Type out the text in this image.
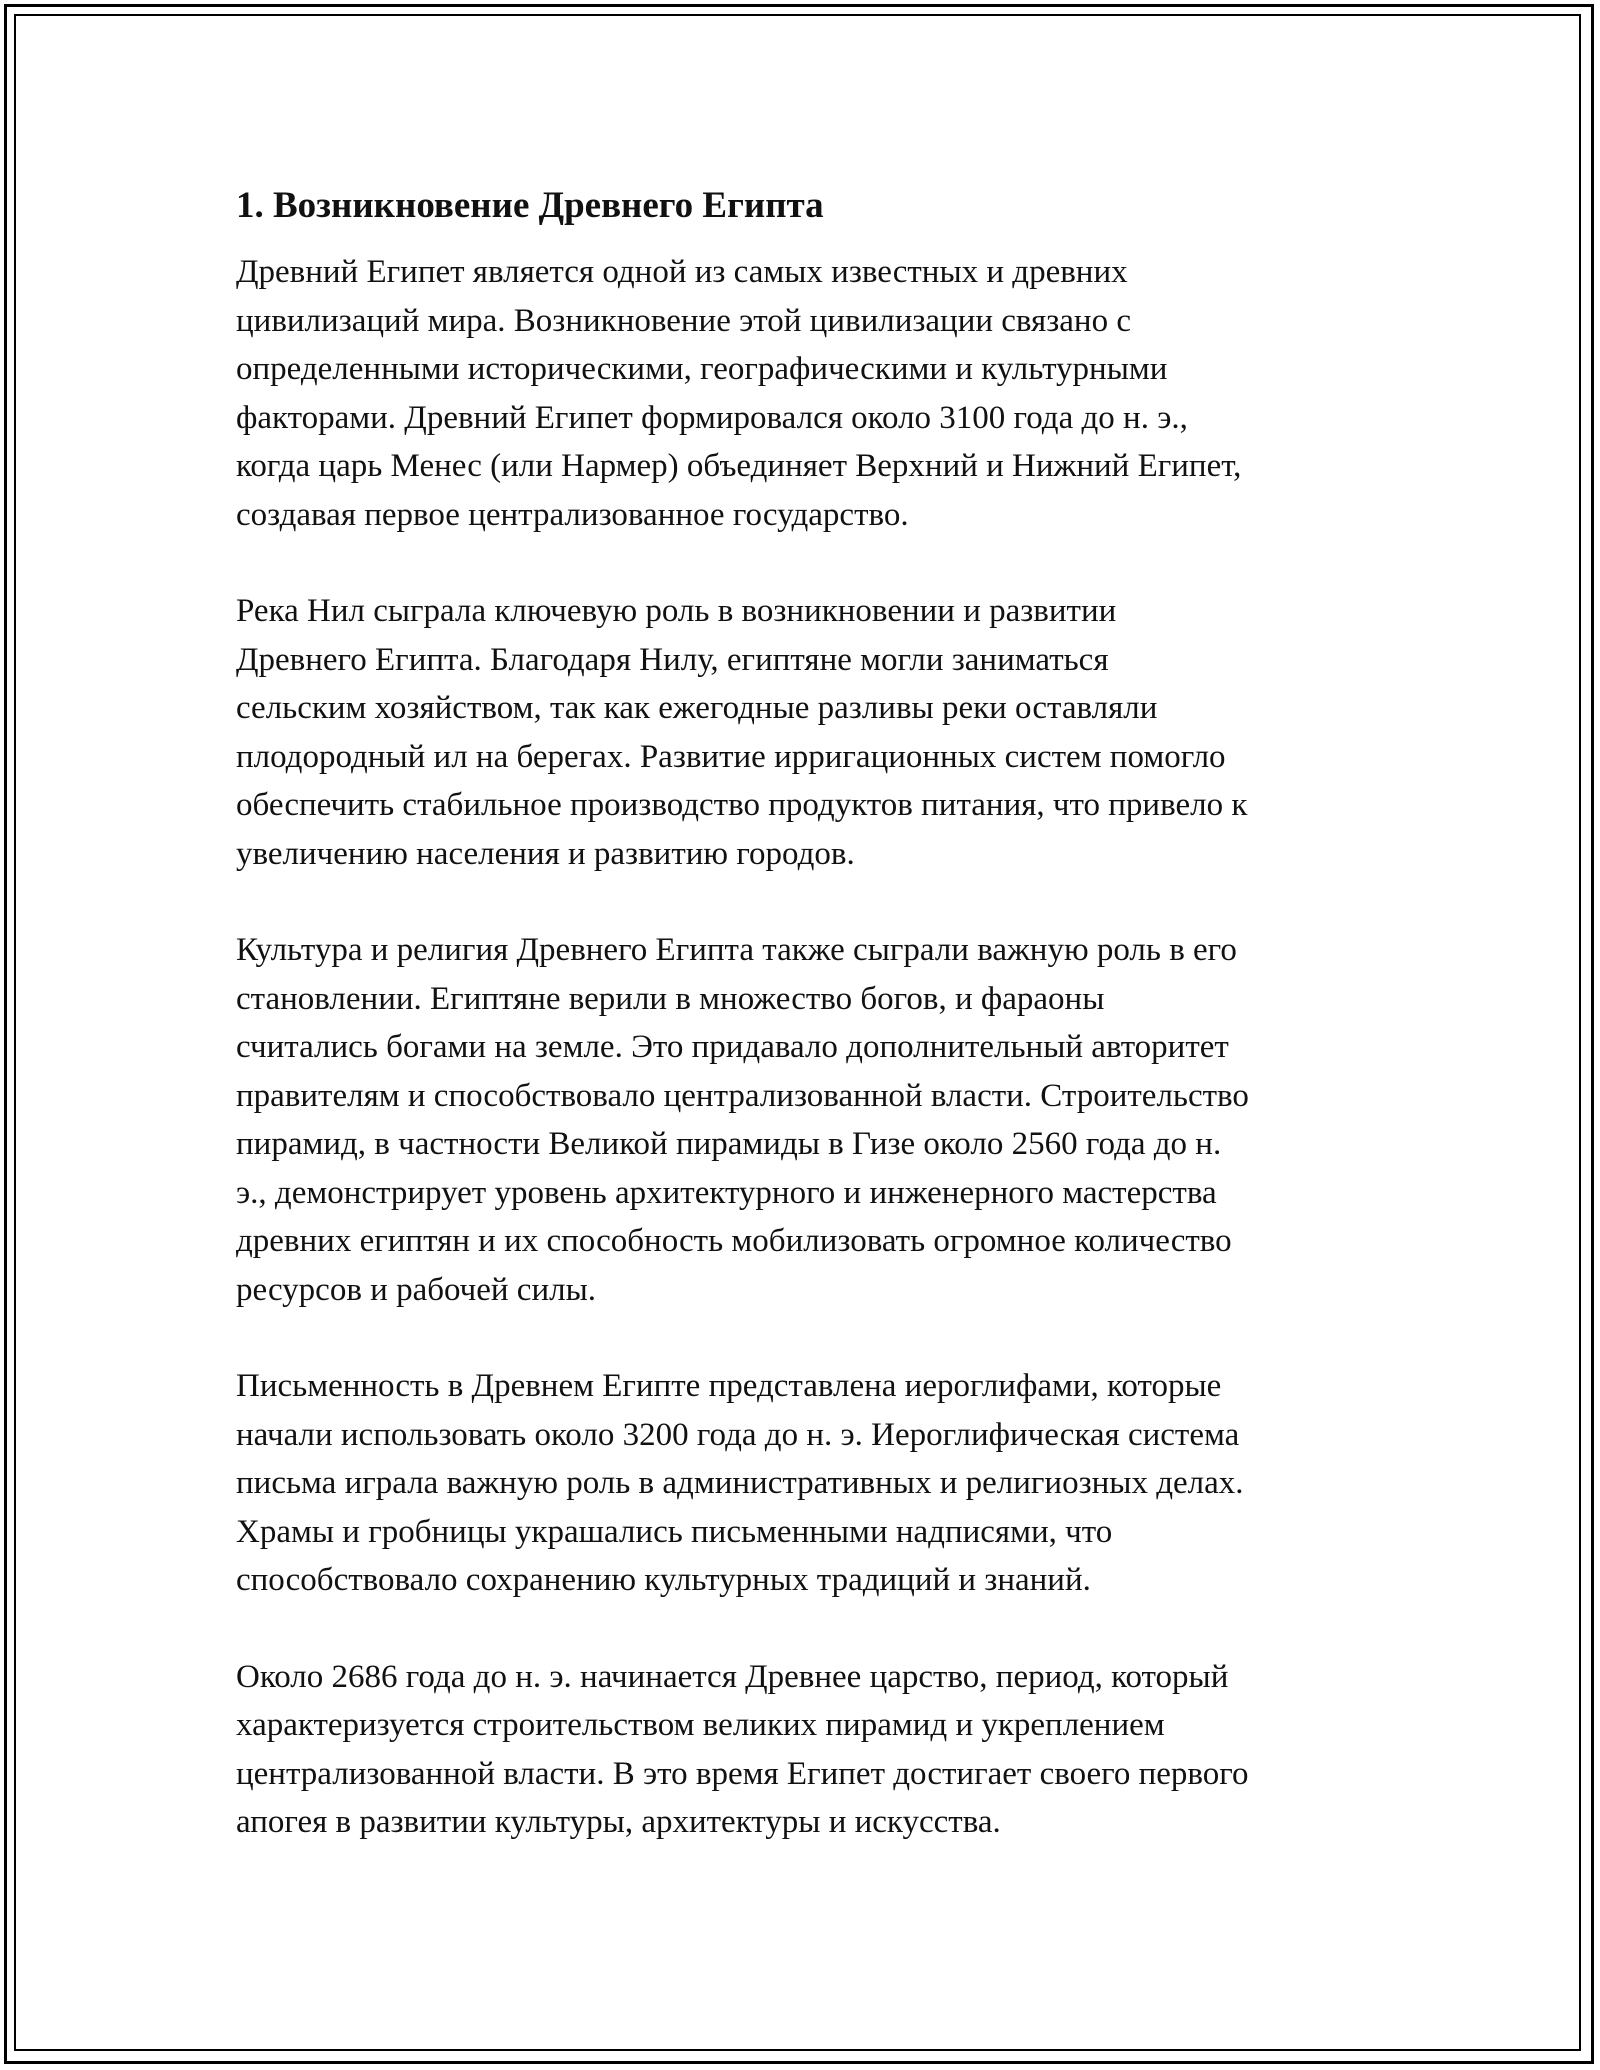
1. Возникновение Древнего Египта

Древний Египет является одной из самых известных и древних
цивилизаций мира. Возникновение этой цивилизации связано с
определенными историческими, географическими и культурными
факторами. Древний Египет формировался около 3100 года до н. э.,
когда царь Менес (или Нармер) объединяет Верхний и Нижний Египет,
создавая первое централизованное государство.

Река Нил сыграла ключевую роль в возникновении и развитии
Древнего Египта. Благодаря Нилу, египтяне могли заниматься
сельским хозяйством, так как ежегодные разливы реки оставляли
плодородный ил на берегах. Развитие ирригационных систем помогло
обеспечить стабильное производство продуктов питания, что привело к
увеличению населения и развитию городов.

Культура и религия Древнего Египта также сыграли важную роль в его
становлении. Египтяне верили в множество богов, и фараоны
считались богами на земле. Это придавало дополнительный авторитет
правителям и способствовало централизованной власти. Строительство
пирамид, в частности Великой пирамиды в Гизе около 2560 года до н.
э., демонстрирует уровень архитектурного и инженерного мастерства
древних египтян и их способность мобилизовать огромное количество
ресурсов и рабочей силы.

Письменность в Древнем Египте представлена иероглифами, которые
начали использовать около 3200 года до н. э. Иероглифическая система
письма играла важную роль в административных и религиозных делах.
Храмы и гробницы украшались письменными надписями, что
способствовало сохранению культурных традиций и знаний.

Около 2686 года до н. э. начинается Древнее царство, период, который
характеризуется строительством великих пирамид и укреплением
централизованной власти. В это время Египет достигает своего первого
апогея в развитии культуры, архитектуры и искусства.
